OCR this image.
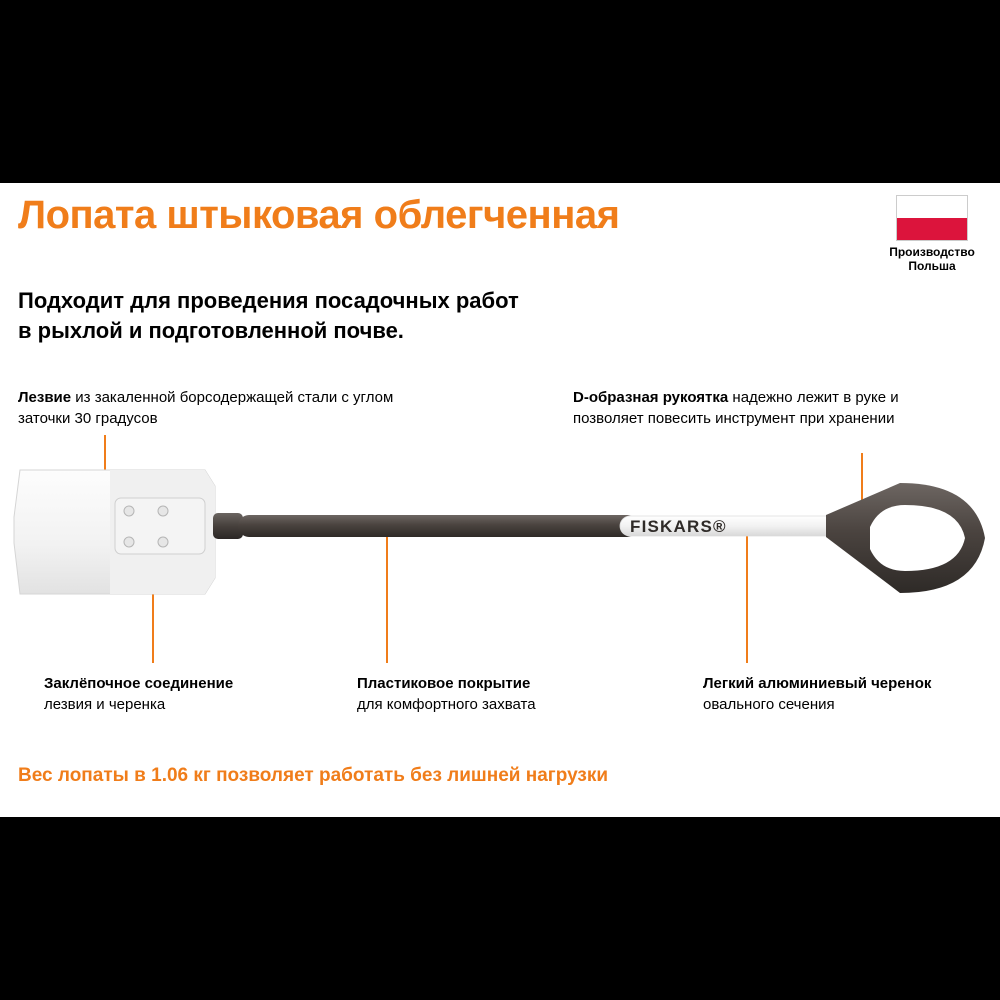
Лопата штыковая облегченная
Производство
Польша
Подходит для проведения посадочных работ
в рыхлой и подготовленной почве.
Лезвие из закаленной борсодержащей стали с углом заточки 30 градусов
D-образная рукоятка надежно лежит в руке и позволяет повесить инструмент при хранении
Заклёпочное соединение
лезвия и черенка
Пластиковое покрытие
для комфортного захвата
Легкий алюминиевый черенок овального сечения
FISKARS®
Вес лопаты в 1.06 кг позволяет работать без лишней нагрузки
